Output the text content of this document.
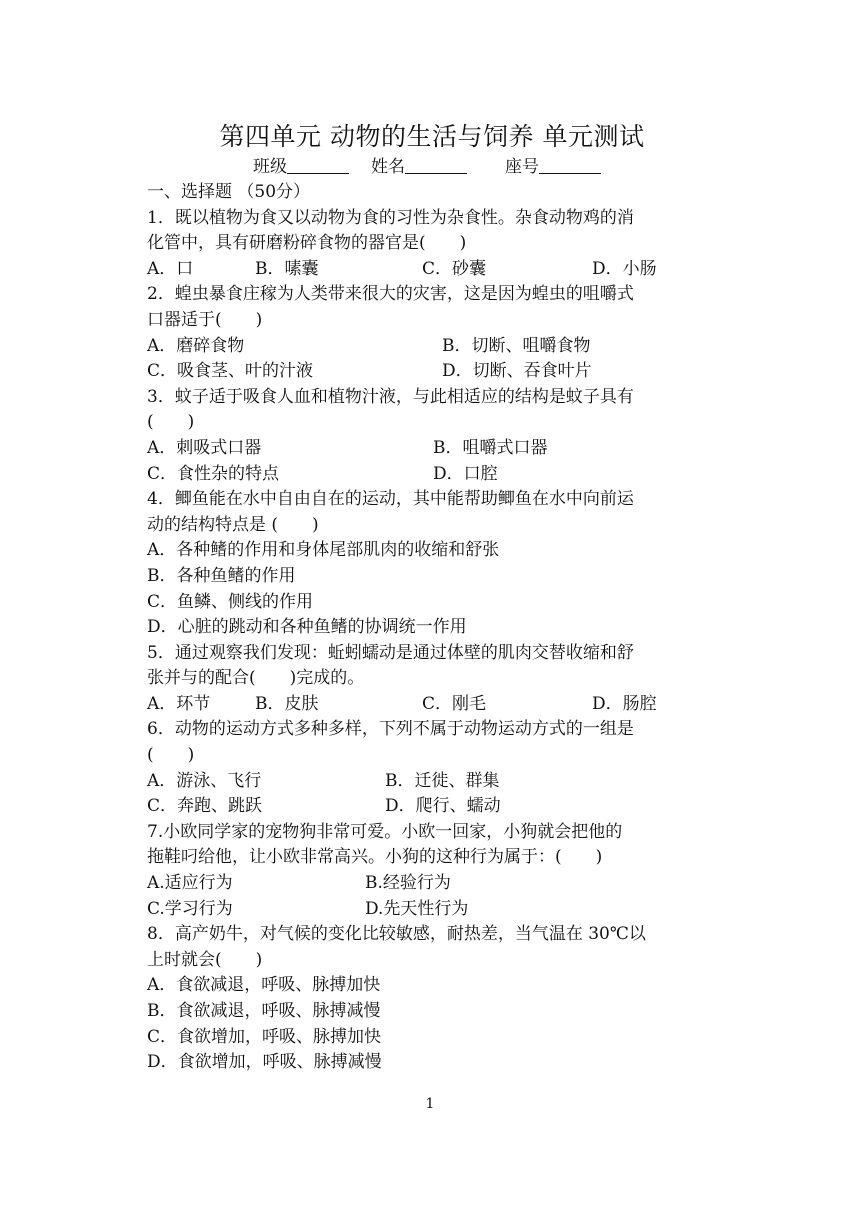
第四单元 动物的生活与饲养 单元测试
班级	姓名	座号
一、选择题 （50分）
1．既以植物为食又以动物为食的习性为杂食性。杂食动物鸡的消
化管中，具有研磨粉碎食物的器官是(　　)
A．口	B．嗉囊	C．砂囊	D．小肠
2．蝗虫暴食庄稼为人类带来很大的灾害，这是因为蝗虫的咀嚼式
口器适于(　　)
A．磨碎食物	B．切断、咀嚼食物
C．吸食茎、叶的汁液	D．切断、吞食叶片
3．蚊子适于吸食人血和植物汁液，与此相适应的结构是蚊子具有
(　　)
A．刺吸式口器	B．咀嚼式口器
C．食性杂的特点	D．口腔
4．鲫鱼能在水中自由自在的运动，其中能帮助鲫鱼在水中向前运
动的结构特点是 (　　)
A．各种鳍的作用和身体尾部肌肉的收缩和舒张
B．各种鱼鳍的作用
C．鱼鳞、侧线的作用
D．心脏的跳动和各种鱼鳍的协调统一作用
5．通过观察我们发现：蚯蚓蠕动是通过体壁的肌肉交替收缩和舒
张并与的配合(　　)完成的。
A．环节	B．皮肤	C．刚毛	D．肠腔
6．动物的运动方式多种多样，下列不属于动物运动方式的一组是
(　　)
A．游泳、飞行	B．迁徙、群集
C．奔跑、跳跃	D．爬行、蠕动
7.小欧同学家的宠物狗非常可爱。小欧一回家，小狗就会把他的
拖鞋叼给他，让小欧非常高兴。小狗的这种行为属于：(　　)
A.适应行为	B.经验行为
C.学习行为	D.先天性行为
8．高产奶牛，对气候的变化比较敏感，耐热差，当气温在 30℃以
上时就会(　　)
A．食欲减退，呼吸、脉搏加快
B．食欲减退，呼吸、脉搏减慢
C．食欲增加，呼吸、脉搏加快
D．食欲增加，呼吸、脉搏减慢
1
